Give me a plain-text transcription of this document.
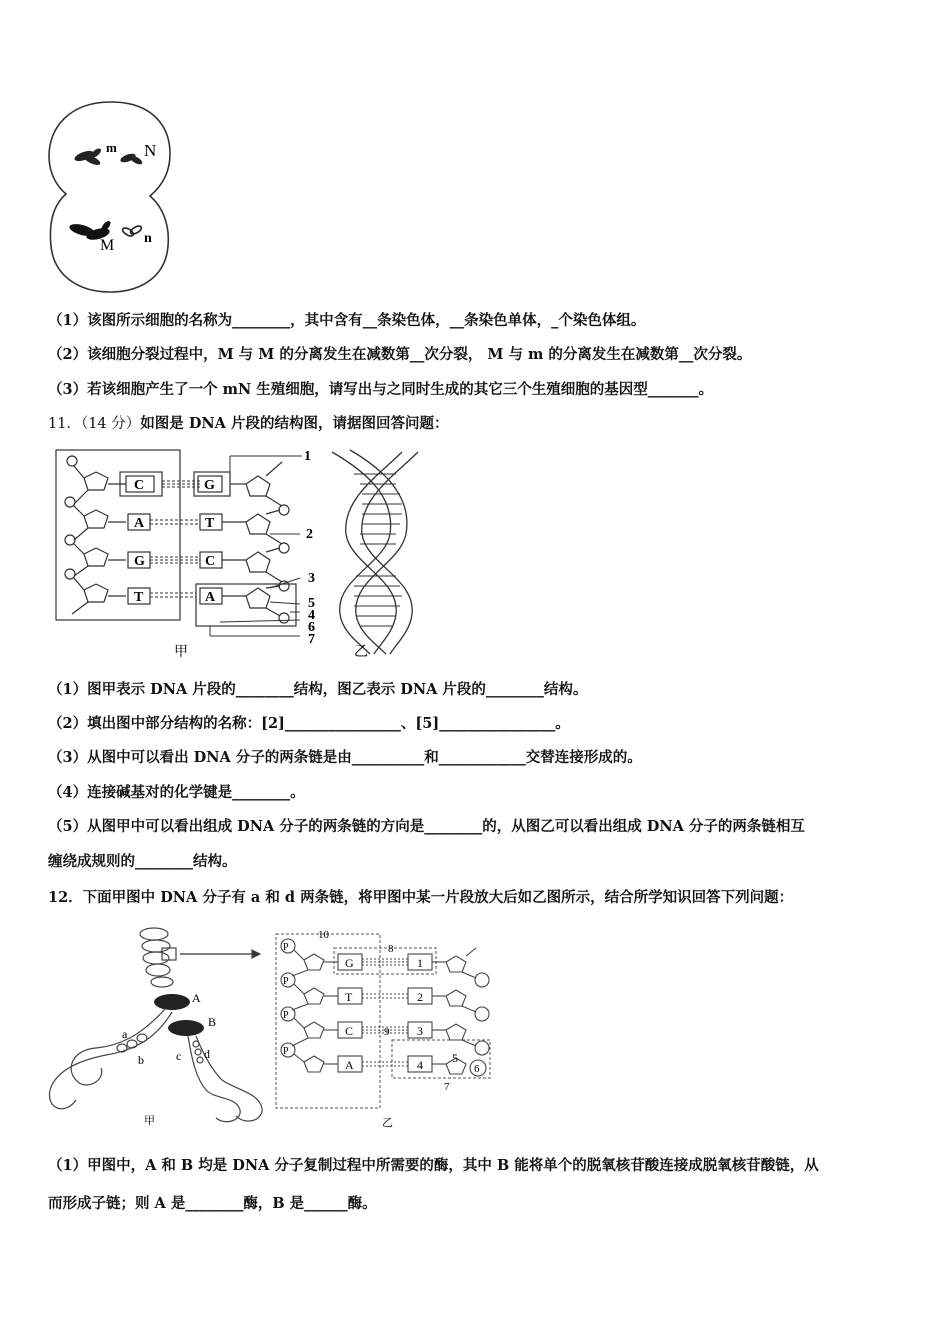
m N
M n
（1）该图所示细胞的名称为________，其中含有__条染色体，__条染色单体，_个染色体组。
（2）该细胞分裂过程中，M 与 M 的分离发生在减数第__次分裂， M 与 m 的分离发生在减数第__次分裂。
（3）若该细胞产生了一个 mN 生殖细胞，请写出与之同时生成的其它三个生殖细胞的基因型_______。
11．（14 分）如图是 DNA 片段的结构图，请据图回答问题：
C
A
G
T
G
T
C
A
1
2
3
5
4
6
7
甲	乙
（1）图甲表示 DNA 片段的________结构，图乙表示 DNA 片段的________结构。
（2）填出图中部分结构的名称：[2]________________、[5]________________。
（3）从图中可以看出 DNA 分子的两条链是由__________和____________交替连接形成的。
（4）连接碱基对的化学键是________。
（5）从图甲中可以看出组成 DNA 分子的两条链的方向是________的，从图乙可以看出组成 DNA 分子的两条链相互
缠绕成规则的________结构。
12．下面甲图中 DNA 分子有 a 和 d 两条链，将甲图中某一片段放大后如乙图所示，结合所学知识回答下列问题：
A
B
a
b	c d
甲
P
P
P
P
G
T
C
A
1
2
3
4
10
8
9
5
6
7
乙
（1）甲图中，A 和 B 均是 DNA 分子复制过程中所需要的酶，其中 B 能将单个的脱氧核苷酸连接成脱氧核苷酸链，从
而形成子链；则 A 是________酶，B 是______酶。
